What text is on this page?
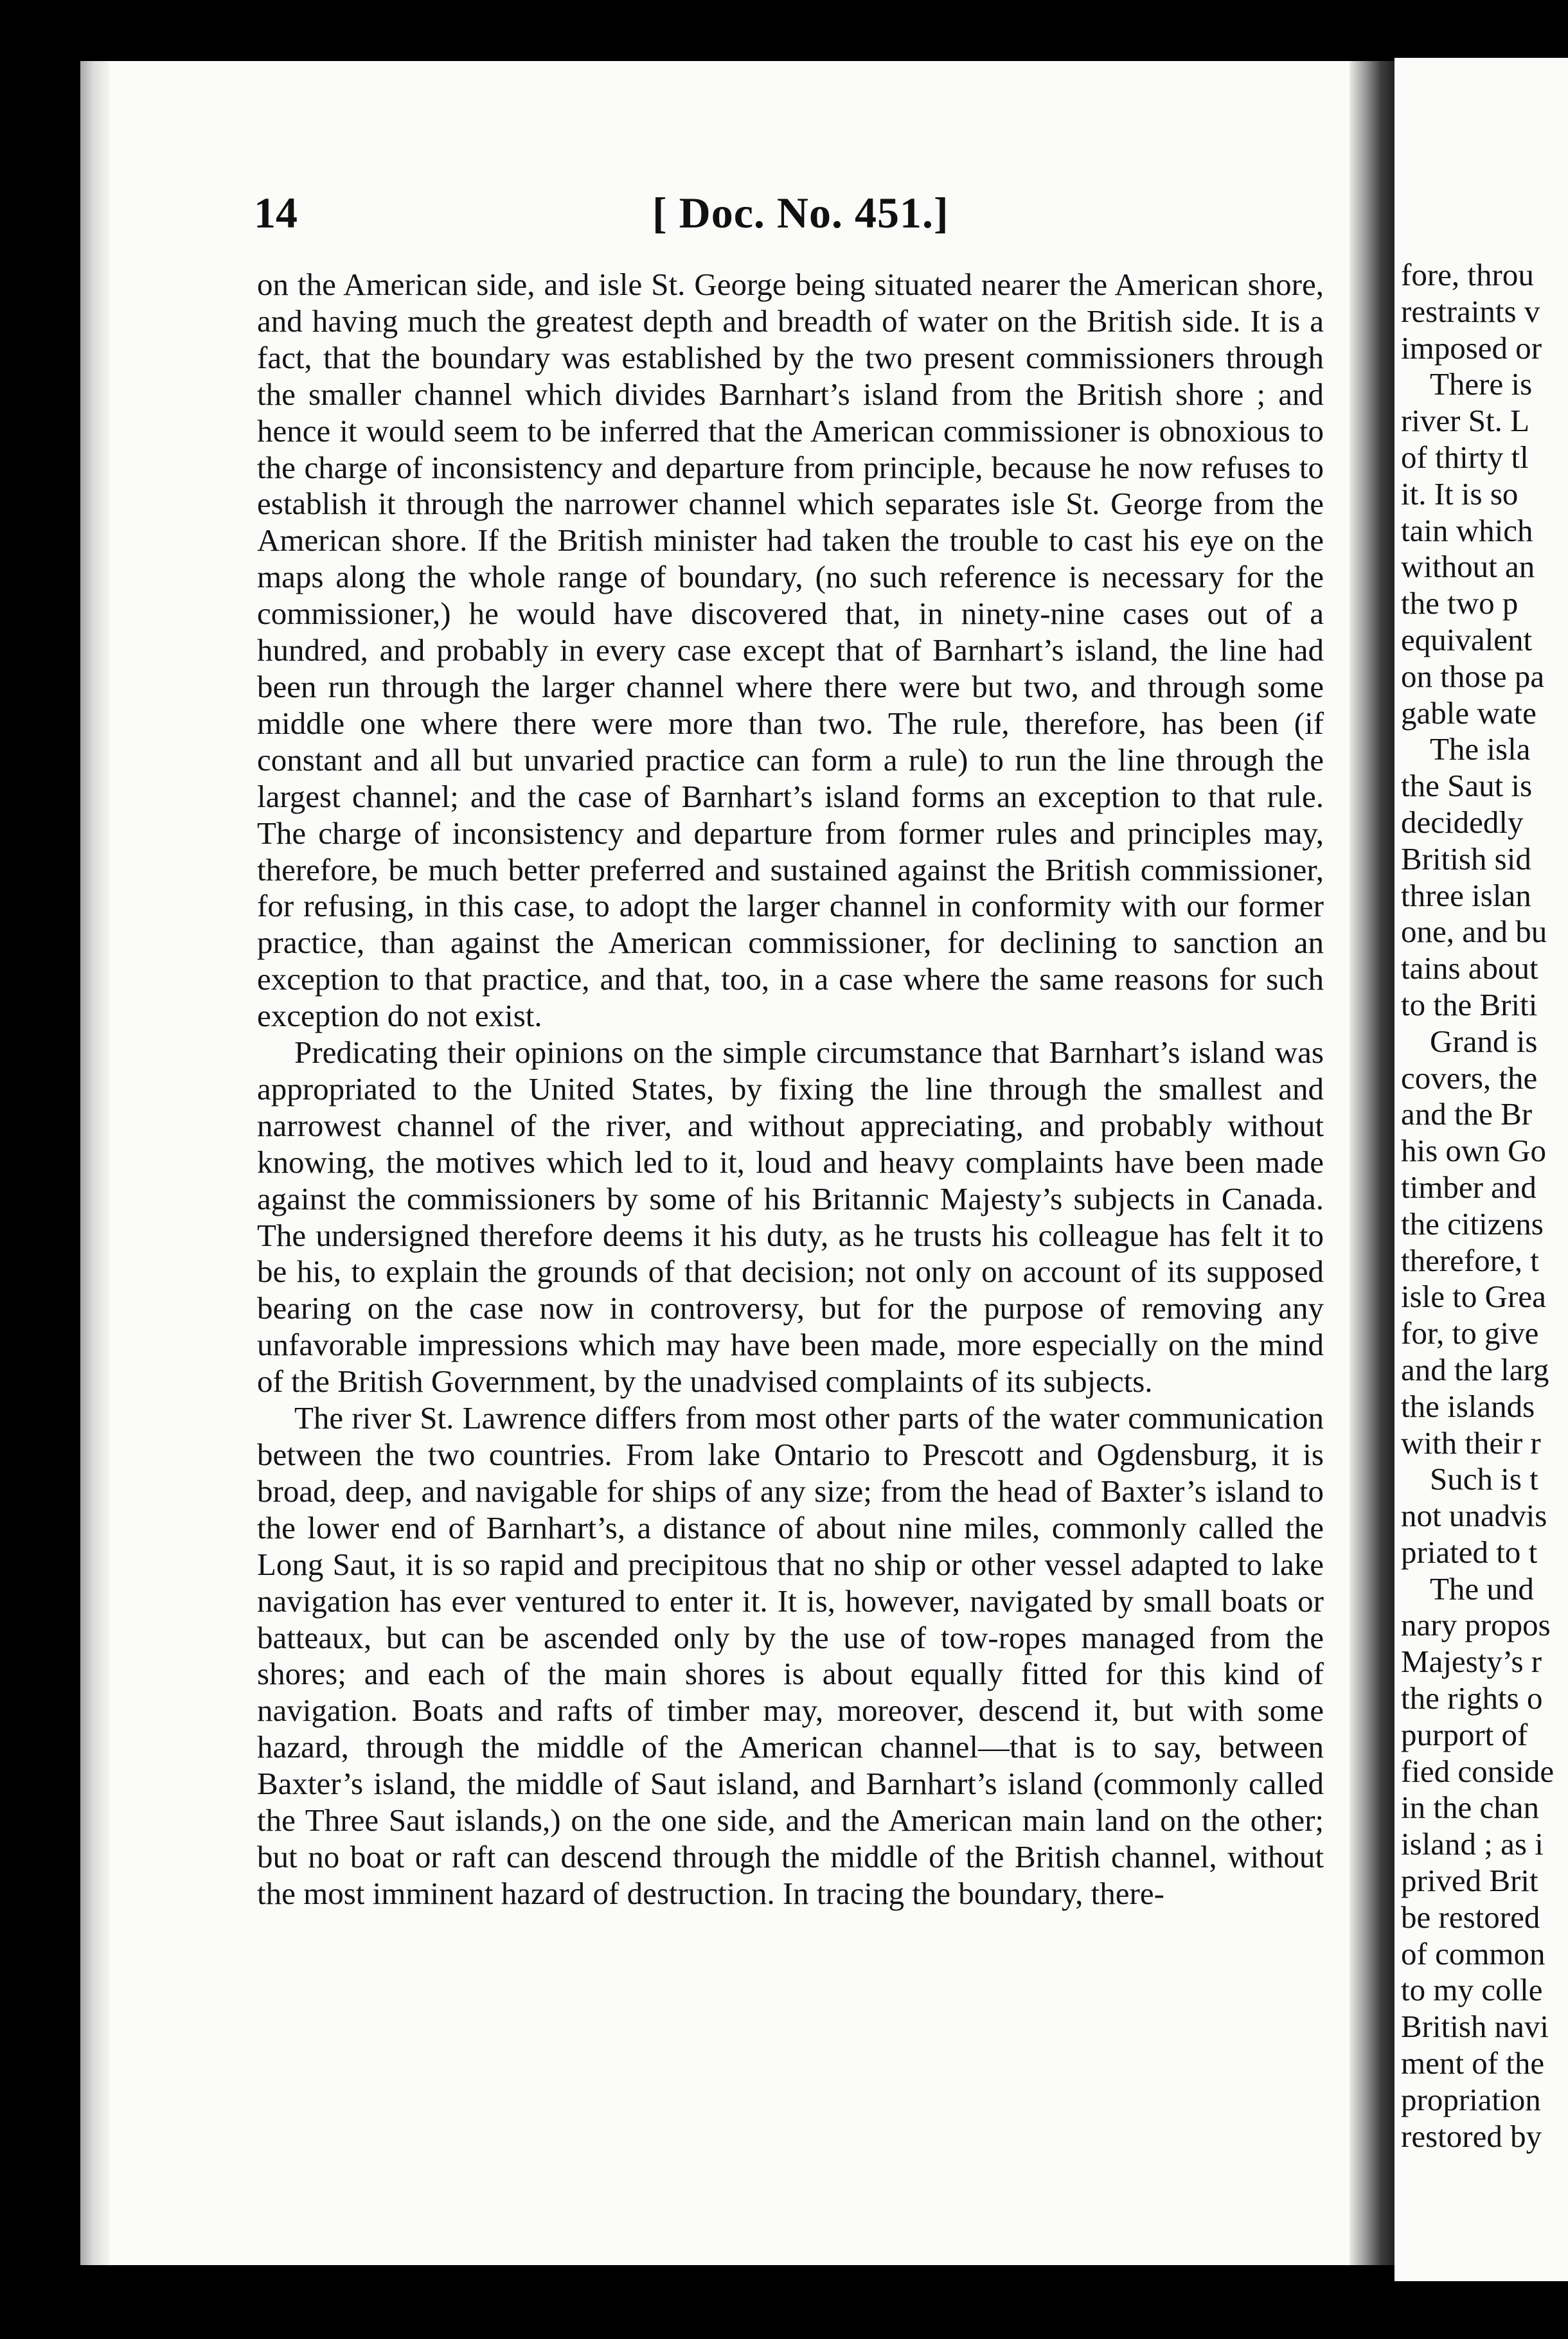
14	[ Doc. No. 451.]

on the American side, and isle St. George being situated nearer the American shore, and having much the greatest depth and breadth of water on the British side. It is a fact, that the boundary was established by the two present commissioners through the smaller channel which divides Barnhart’s island from the British shore ; and hence it would seem to be inferred that the American commissioner is obnoxious to the charge of inconsistency and departure from principle, because he now refuses to establish it through the narrower channel which separates isle St. George from the American shore. If the British minister had taken the trouble to cast his eye on the maps along the whole range of boundary, (no such reference is necessary for the commissioner,) he would have discovered that, in ninety-nine cases out of a hundred, and probably in every case except that of Barnhart’s island, the line had been run through the larger channel where there were but two, and through some middle one where there were more than two. The rule, therefore, has been (if constant and all but unvaried practice can form a rule) to run the line through the largest channel; and the case of Barnhart’s island forms an exception to that rule. The charge of inconsistency and departure from former rules and principles may, therefore, be much better preferred and sustained against the British commissioner, for refusing, in this case, to adopt the larger channel in conformity with our former practice, than against the American commissioner, for declining to sanction an exception to that practice, and that, too, in a case where the same reasons for such exception do not exist.

Predicating their opinions on the simple circumstance that Barnhart’s island was appropriated to the United States, by fixing the line through the smallest and narrowest channel of the river, and without appreciating, and probably without knowing, the motives which led to it, loud and heavy complaints have been made against the commissioners by some of his Britannic Majesty’s subjects in Canada. The undersigned therefore deems it his duty, as he trusts his colleague has felt it to be his, to explain the grounds of that decision; not only on account of its supposed bearing on the case now in controversy, but for the purpose of removing any unfavorable impressions which may have been made, more especially on the mind of the British Government, by the unadvised complaints of its subjects.

The river St. Lawrence differs from most other parts of the water communication between the two countries. From lake Ontario to Prescott and Ogdensburg, it is broad, deep, and navigable for ships of any size; from the head of Baxter’s island to the lower end of Barnhart’s, a distance of about nine miles, commonly called the Long Saut, it is so rapid and precipitous that no ship or other vessel adapted to lake navigation has ever ventured to enter it. It is, however, navigated by small boats or batteaux, but can be ascended only by the use of tow-ropes managed from the shores; and each of the main shores is about equally fitted for this kind of navigation. Boats and rafts of timber may, moreover, descend it, but with some hazard, through the middle of the American channel—that is to say, between Baxter’s island, the middle of Saut island, and Barnhart’s island (commonly called the Three Saut islands,) on the one side, and the American main land on the other; but no boat or raft can descend through the middle of the British channel, without the most imminent hazard of destruction. In tracing the boundary, there-

fore, throu
restraints v
imposed or
There is
river St. L
of thirty tl
it. It is so
tain which
without an
the two p
equivalent
on those pa
gable wate
The isla
the Saut is
decidedly
British sid
three islan
one, and bu
tains about
to the Briti
Grand is
covers, the
and the Br
his own Go
timber and
the citizens
therefore, t
isle to Grea
for, to give
and the larg
the islands
with their r
Such is t
not unadvis
priated to t
The und
nary propos
Majesty’s r
the rights o
purport of
fied conside
in the chan
island ; as i
prived Brit
be restored
of common
to my colle
British navi
ment of the
propriation
restored by
